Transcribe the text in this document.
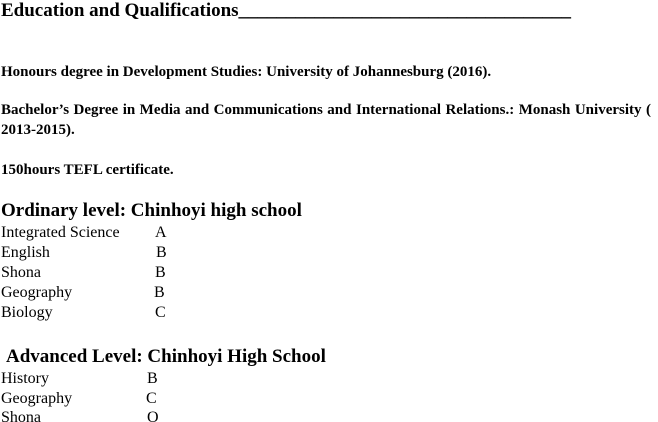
Education and Qualifications___________________________________
Honours degree in Development Studies: University of Johannesburg (2016).
Bachelor’s Degree in Media and Communications and International Relations.: Monash University ( 2013-2015).
150hours TEFL certificate.
Ordinary level: Chinhoyi high school
Integrated Science A
English	B
Shona	B
Geography	B
Biology	C
Advanced Level: Chinhoyi High School
History	B
Geography	C
Shona	O
